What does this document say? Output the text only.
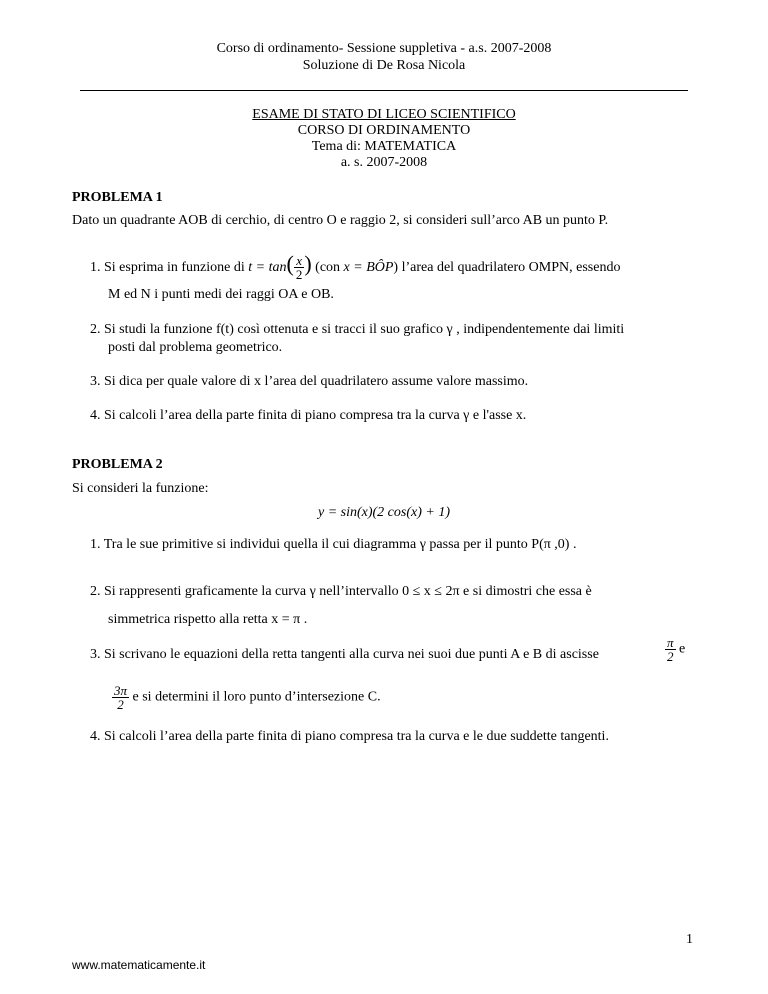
Corso di ordinamento- Sessione suppletiva - a.s. 2007-2008
Soluzione di De Rosa Nicola
ESAME DI STATO DI LICEO SCIENTIFICO
CORSO DI ORDINAMENTO
Tema di: MATEMATICA
a. s. 2007-2008
PROBLEMA 1
Dato un quadrante AOB di cerchio, di centro O e raggio 2, si consideri sull’arco AB un punto P.
1. Si esprima in funzione di $t = \tan( \frac{x}{2}$ ) (con x = BÔP) l’area del quadrilatero OMPN, essendo
M ed N i punti medi dei raggi OA e OB.
2. Si studi la funzione f(t) così ottenuta e si tracci il suo grafico γ , indipendentemente dai limiti
posti dal problema geometrico.
3. Si dica per quale valore di x l’area del quadrilatero assume valore massimo.
4. Si calcoli l’area della parte finita di piano compresa tra la curva γ e l'asse x.
PROBLEMA 2
Si consideri la funzione:
y = sin(x)(2 cos(x) + 1)
1. Tra le sue primitive si individui quella il cui diagramma γ passa per il punto P(π ,0) .
2. Si rappresenti graficamente la curva γ nell’intervallo 0 ≤ x ≤ 2π e si dimostri che essa è
simmetrica rispetto alla retta x = π .
3. Si scrivano le equazioni della retta tangenti alla curva nei suoi due punti A e B di ascisse	$\frac{\pi}{2}$ e
$\frac{3\pi}{2}$ e si determini il loro punto d’intersezione C.
4. Si calcoli l’area della parte finita di piano compresa tra la curva e le due suddette tangenti.
1
www.matematicamente.it
